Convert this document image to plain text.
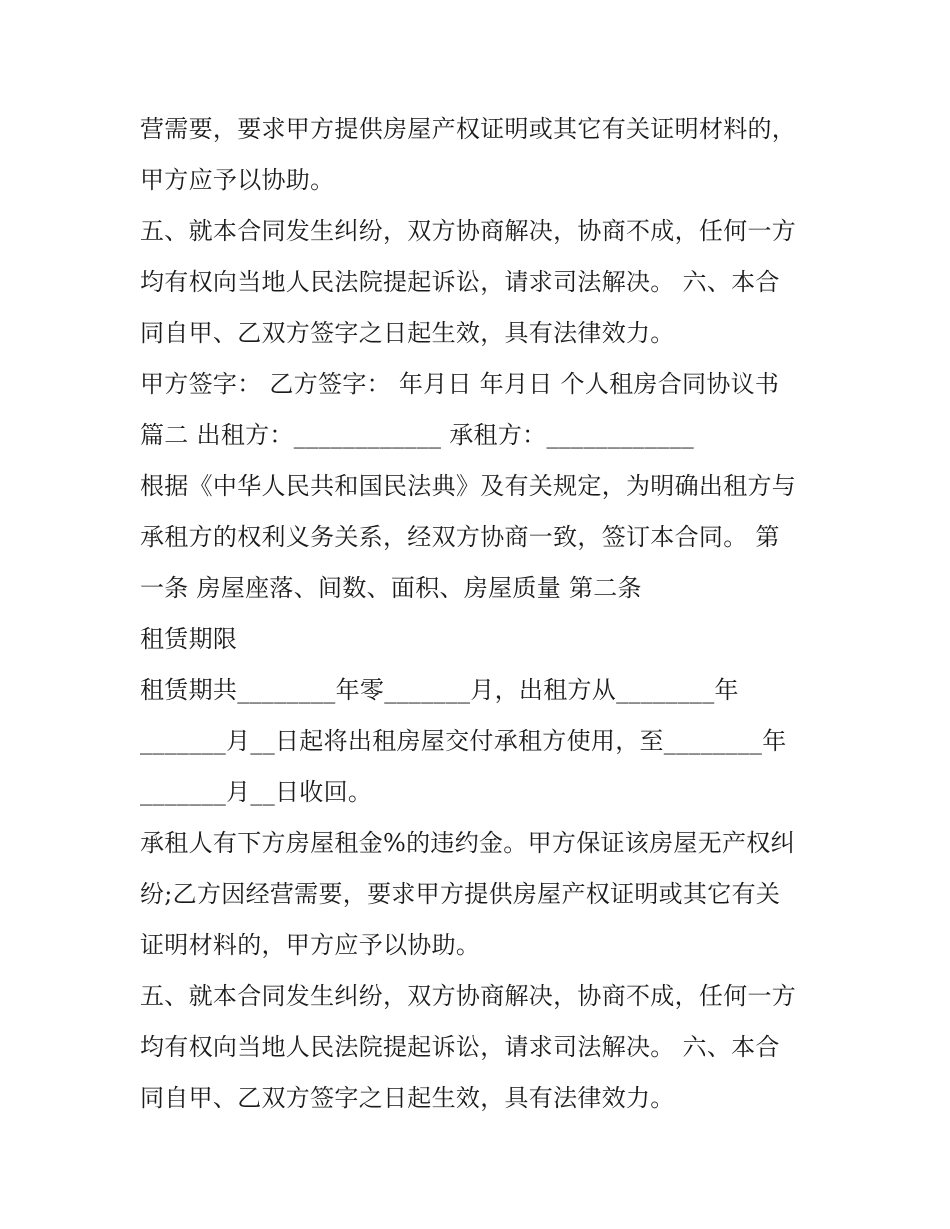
营需要，要求甲方提供房屋产权证明或其它有关证明材料的，

甲方应予以协助。

五、就本合同发生纠纷，双方协商解决，协商不成，任何一方

均有权向当地人民法院提起诉讼，请求司法解决。 六、本合

同自甲、乙双方签字之日起生效，具有法律效力。

甲方签字： 乙方签字： 年月日 年月日 个人租房合同协议书

篇二 出租方：____________ 承租方：____________

根据《中华人民共和国民法典》及有关规定，为明确出租方与

承租方的权利义务关系，经双方协商一致，签订本合同。 第

一条 房屋座落、间数、面积、房屋质量 第二条

租赁期限

租赁期共________年零_______月，出租方从________年

_______月__日起将出租房屋交付承租方使用，至________年

_______月__日收回。

承租人有下方房屋租金%的违约金。甲方保证该房屋无产权纠

纷;乙方因经营需要，要求甲方提供房屋产权证明或其它有关

证明材料的，甲方应予以协助。

五、就本合同发生纠纷，双方协商解决，协商不成，任何一方

均有权向当地人民法院提起诉讼，请求司法解决。 六、本合

同自甲、乙双方签字之日起生效，具有法律效力。
